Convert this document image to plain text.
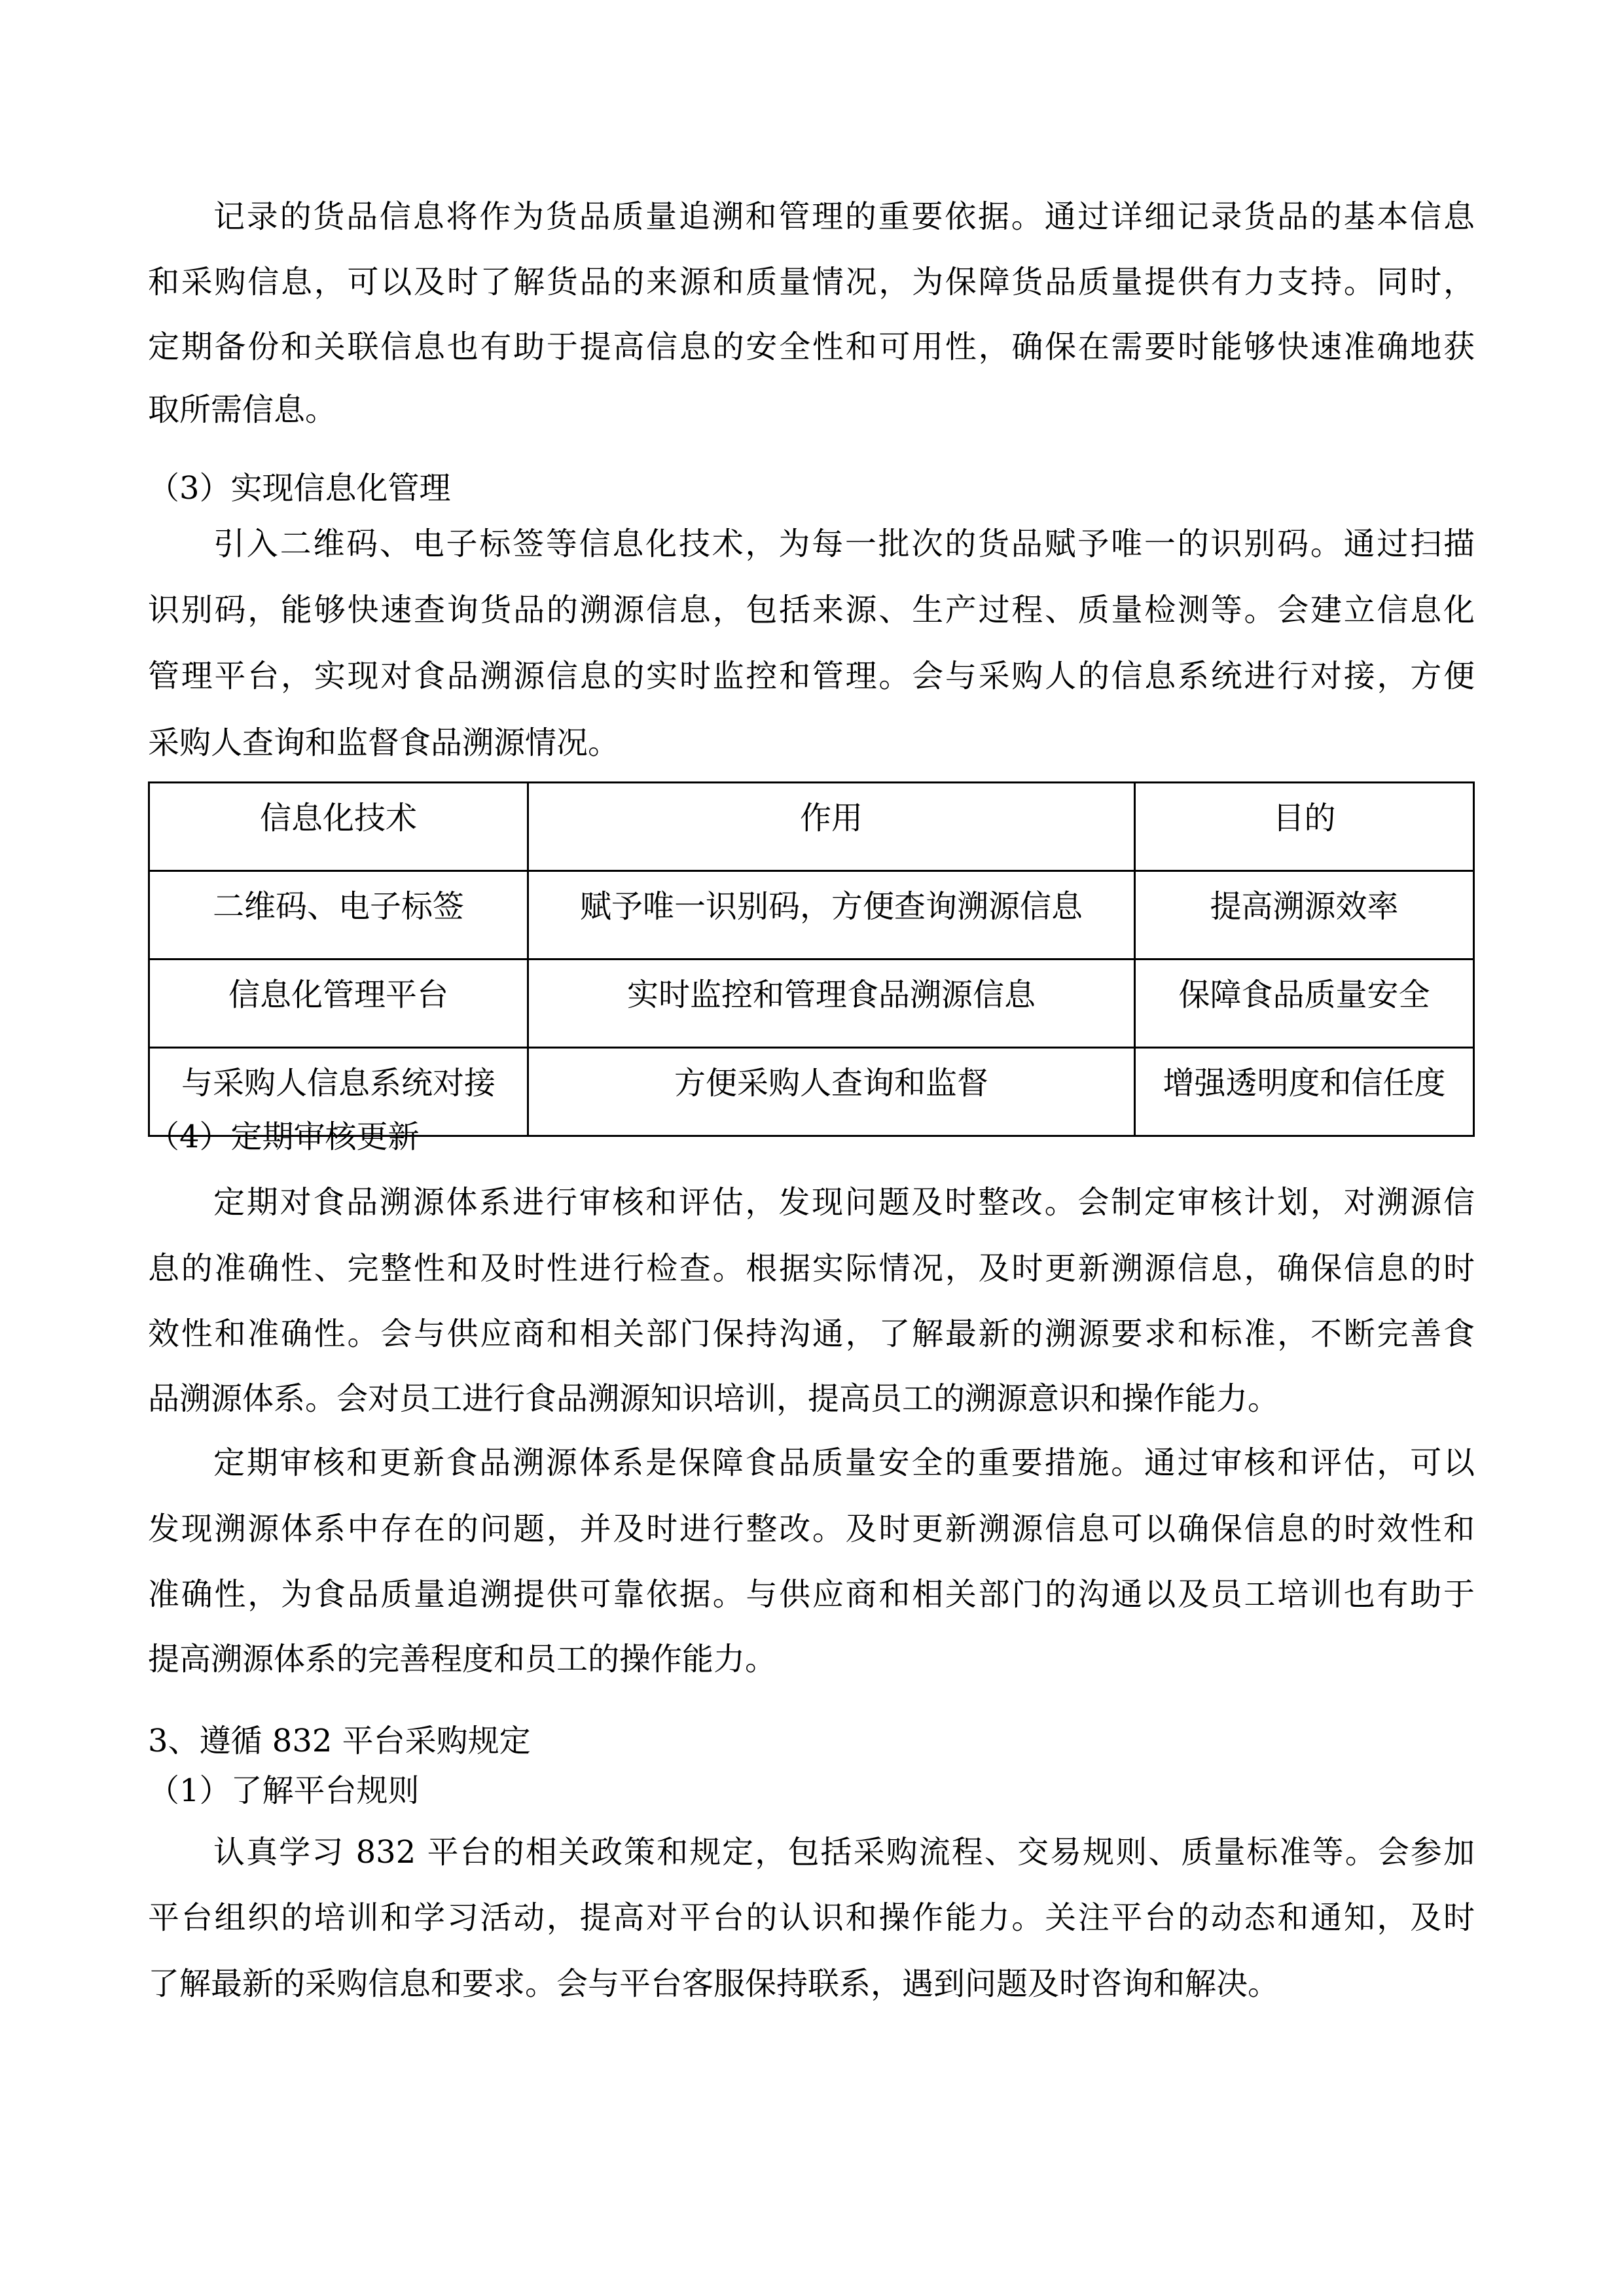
（3）实现信息化管理
信息化技术	作用	目的
二维码、电子标签	赋予唯一识别码，方便查询溯源信息	提高溯源效率
信息化管理平台	实时监控和管理食品溯源信息	保障食品质量安全
与采购人信息系统对接	方便采购人查询和监督	增强透明度和信任度
（4）定期审核更新
3、遵循 832 平台采购规定
（1）了解平台规则
记录的货品信息将作为货品质量追溯和管理的重要依据。通过详细记录货品的基本信息
和采购信息，可以及时了解货品的来源和质量情况，为保障货品质量提供有力支持。同时，
定期备份和关联信息也有助于提高信息的安全性和可用性，确保在需要时能够快速准确地获
取所需信息。
引入二维码、电子标签等信息化技术，为每一批次的货品赋予唯一的识别码。通过扫描
识别码，能够快速查询货品的溯源信息，包括来源、生产过程、质量检测等。会建立信息化
管理平台，实现对食品溯源信息的实时监控和管理。会与采购人的信息系统进行对接，方便
采购人查询和监督食品溯源情况。
定期对食品溯源体系进行审核和评估，发现问题及时整改。会制定审核计划，对溯源信
息的准确性、完整性和及时性进行检查。根据实际情况，及时更新溯源信息，确保信息的时
效性和准确性。会与供应商和相关部门保持沟通，了解最新的溯源要求和标准，不断完善食
品溯源体系。会对员工进行食品溯源知识培训，提高员工的溯源意识和操作能力。
定期审核和更新食品溯源体系是保障食品质量安全的重要措施。通过审核和评估，可以
发现溯源体系中存在的问题，并及时进行整改。及时更新溯源信息可以确保信息的时效性和
准确性，为食品质量追溯提供可靠依据。与供应商和相关部门的沟通以及员工培训也有助于
提高溯源体系的完善程度和员工的操作能力。
认真学习 832 平台的相关政策和规定，包括采购流程、交易规则、质量标准等。会参加
平台组织的培训和学习活动，提高对平台的认识和操作能力。关注平台的动态和通知，及时
了解最新的采购信息和要求。会与平台客服保持联系，遇到问题及时咨询和解决。
